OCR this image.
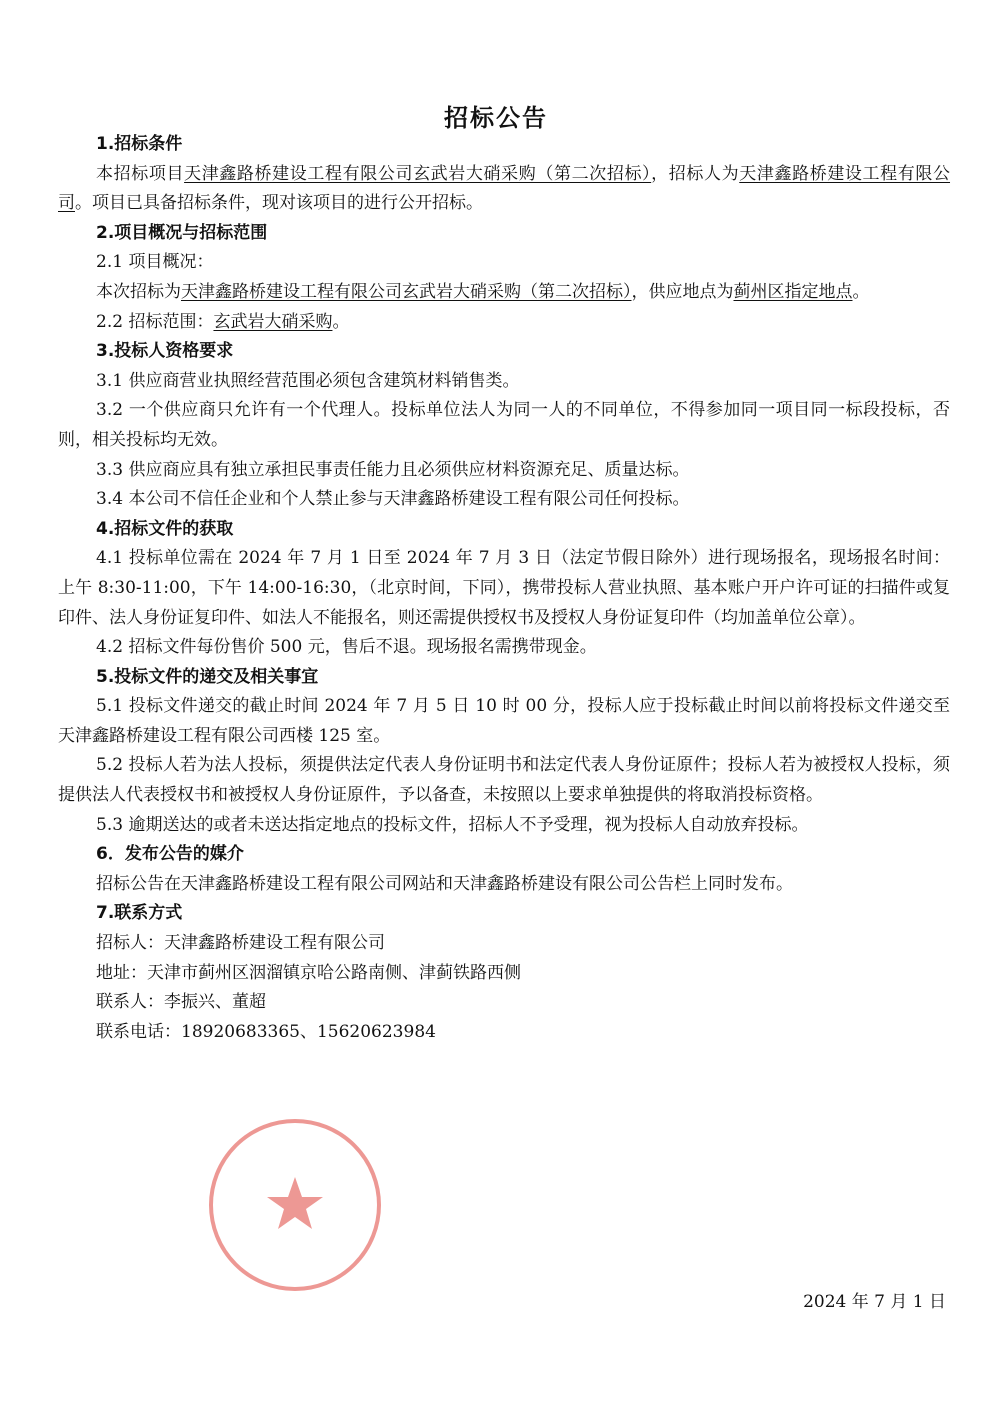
招标公告
1.招标条件
本招标项目天津鑫路桥建设工程有限公司玄武岩大硝采购（第二次招标），招标人为天津鑫路桥建设工程有限公司。项目已具备招标条件，现对该项目的进行公开招标。
2.项目概况与招标范围
2.1 项目概况：
本次招标为天津鑫路桥建设工程有限公司玄武岩大硝采购（第二次招标），供应地点为蓟州区指定地点。
2.2 招标范围：玄武岩大硝采购。
3.投标人资格要求
3.1 供应商营业执照经营范围必须包含建筑材料销售类。
3.2 一个供应商只允许有一个代理人。投标单位法人为同一人的不同单位，不得参加同一项目同一标段投标，否则，相关投标均无效。
3.3 供应商应具有独立承担民事责任能力且必须供应材料资源充足、质量达标。
3.4 本公司不信任企业和个人禁止参与天津鑫路桥建设工程有限公司任何投标。
4.招标文件的获取
4.1 投标单位需在 2024 年 7 月 1 日至 2024 年 7 月 3 日（法定节假日除外）进行现场报名，现场报名时间：上午 8:30-11:00，下午 14:00-16:30，（北京时间，下同），携带投标人营业执照、基本账户开户许可证的扫描件或复印件、法人身份证复印件、如法人不能报名，则还需提供授权书及授权人身份证复印件（均加盖单位公章）。
4.2 招标文件每份售价 500 元，售后不退。现场报名需携带现金。
5.投标文件的递交及相关事宜
5.1 投标文件递交的截止时间 2024 年 7 月 5 日 10 时 00 分，投标人应于投标截止时间以前将投标文件递交至天津鑫路桥建设工程有限公司西楼 125 室。
5.2 投标人若为法人投标，须提供法定代表人身份证明书和法定代表人身份证原件；投标人若为被授权人投标，须提供法人代表授权书和被授权人身份证原件，予以备查，未按照以上要求单独提供的将取消投标资格。
5.3 逾期送达的或者未送达指定地点的投标文件，招标人不予受理，视为投标人自动放弃投标。
6．发布公告的媒介
招标公告在天津鑫路桥建设工程有限公司网站和天津鑫路桥建设有限公司公告栏上同时发布。
7.联系方式
招标人：天津鑫路桥建设工程有限公司
地址：天津市蓟州区洇溜镇京哈公路南侧、津蓟铁路西侧
联系人：李振兴、董超
联系电话：18920683365、15620623984
2024 年 7 月 1 日
